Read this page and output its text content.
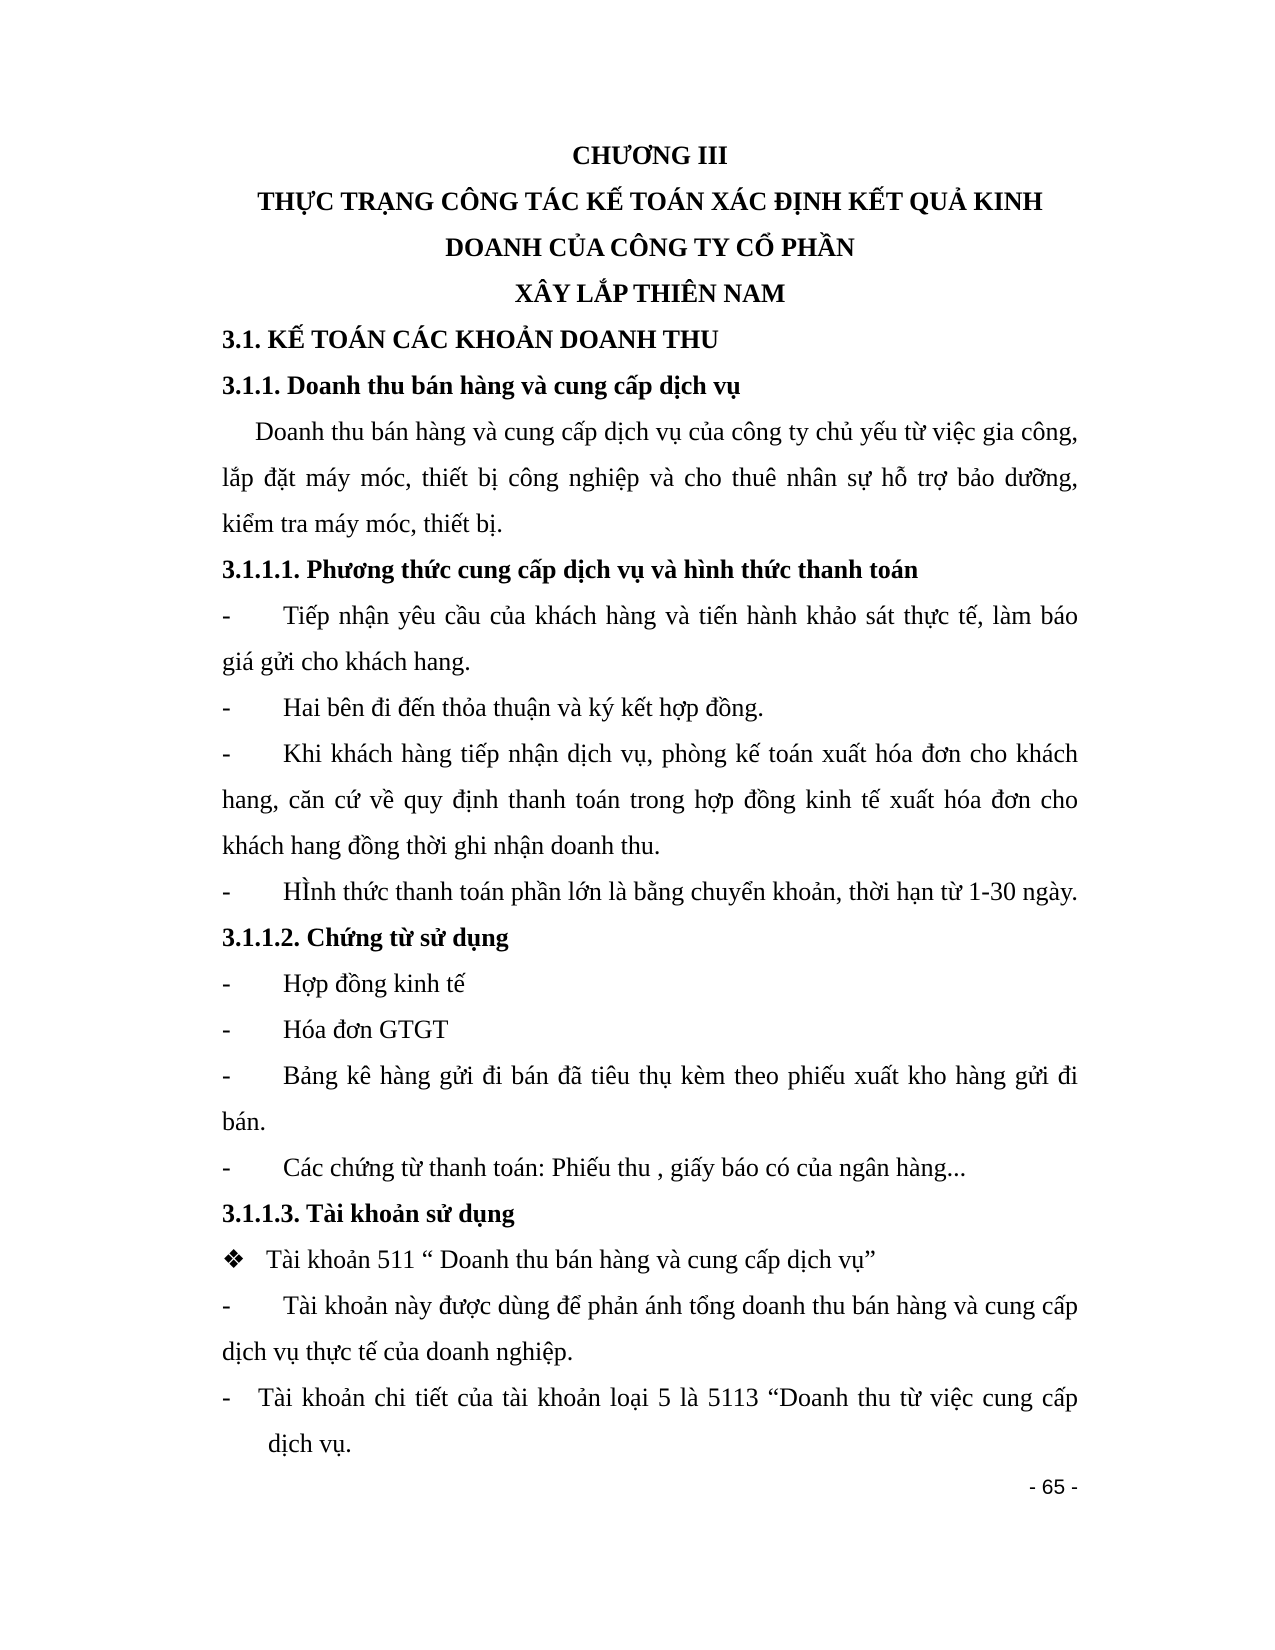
CHƯƠNG III

THỰC TRẠNG CÔNG TÁC KẾ TOÁN XÁC ĐỊNH KẾT QUẢ KINH

DOANH CỦA CÔNG TY CỔ PHẦN

XÂY LẮP THIÊN NAM

3.1. KẾ TOÁN CÁC KHOẢN DOANH THU

3.1.1. Doanh thu bán hàng và cung cấp dịch vụ

Doanh thu bán hàng và cung cấp dịch vụ của công ty chủ yếu từ việc gia công, lắp đặt máy móc, thiết bị công nghiệp và cho thuê nhân sự hỗ trợ bảo dưỡng, kiểm tra máy móc, thiết bị.

3.1.1.1. Phương thức cung cấp dịch vụ và hình thức thanh toán

- Tiếp nhận yêu cầu của khách hàng và tiến hành khảo sát thực tế, làm báo giá gửi cho khách hang.

- Hai bên đi đến thỏa thuận và ký kết hợp đồng.

- Khi khách hàng tiếp nhận dịch vụ, phòng kế toán xuất hóa đơn cho khách hang, căn cứ về quy định thanh toán trong hợp đồng kinh tế xuất hóa đơn cho khách hang đồng thời ghi nhận doanh thu.

- HÌnh thức thanh toán phần lớn là bằng chuyển khoản, thời hạn từ 1-30 ngày.

3.1.1.2. Chứng từ sử dụng

- Hợp đồng kinh tế

- Hóa đơn GTGT

- Bảng kê hàng gửi đi bán đã tiêu thụ kèm theo phiếu xuất kho hàng gửi đi bán.

- Các chứng từ thanh toán: Phiếu thu , giấy báo có của ngân hàng...

3.1.1.3. Tài khoản sử dụng

❖ Tài khoản 511 “ Doanh thu bán hàng và cung cấp dịch vụ”

- Tài khoản này được dùng để phản ánh tổng doanh thu bán hàng và cung cấp dịch vụ thực tế của doanh nghiệp.

- Tài khoản chi tiết của tài khoản loại 5 là 5113 “Doanh thu từ việc cung cấp dịch vụ.

- 65 -
